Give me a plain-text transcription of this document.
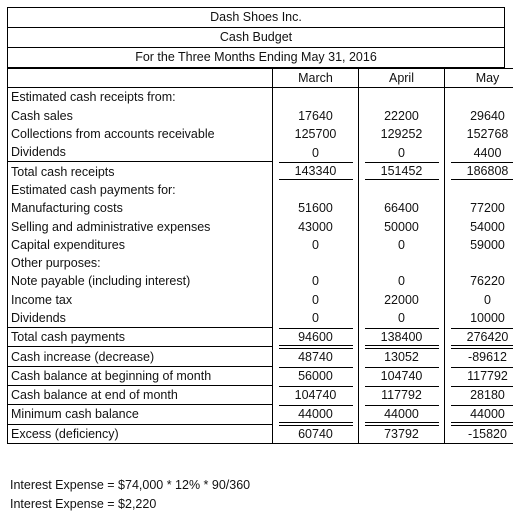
Dash Shoes Inc.
Cash Budget
For the Three Months Ending May 31, 2016
	March	April	May
Estimated cash receipts from:			
Cash sales	17640	22200	29640
Collections from accounts receivable	125700	129252	152768
Dividends	0	0	4400
Total cash receipts	143340	151452	186808
Estimated cash payments for:			
Manufacturing costs	51600	66400	77200
Selling and administrative expenses	43000	50000	54000
Capital expenditures	0	0	59000
Other purposes:			
Note payable (including interest)	0	0	76220
Income tax	0	22000	0
Dividends	0	0	10000
Total cash payments	94600	138400	276420
Cash increase (decrease)	48740	13052	-89612
Cash balance at beginning of month	56000	104740	117792
Cash balance at end of month	104740	117792	28180
Minimum cash balance	44000	44000	44000
Excess (deficiency)	60740	73792	-15820
Interest Expense = $74,000 * 12% * 90/360
Interest Expense = $2,220
